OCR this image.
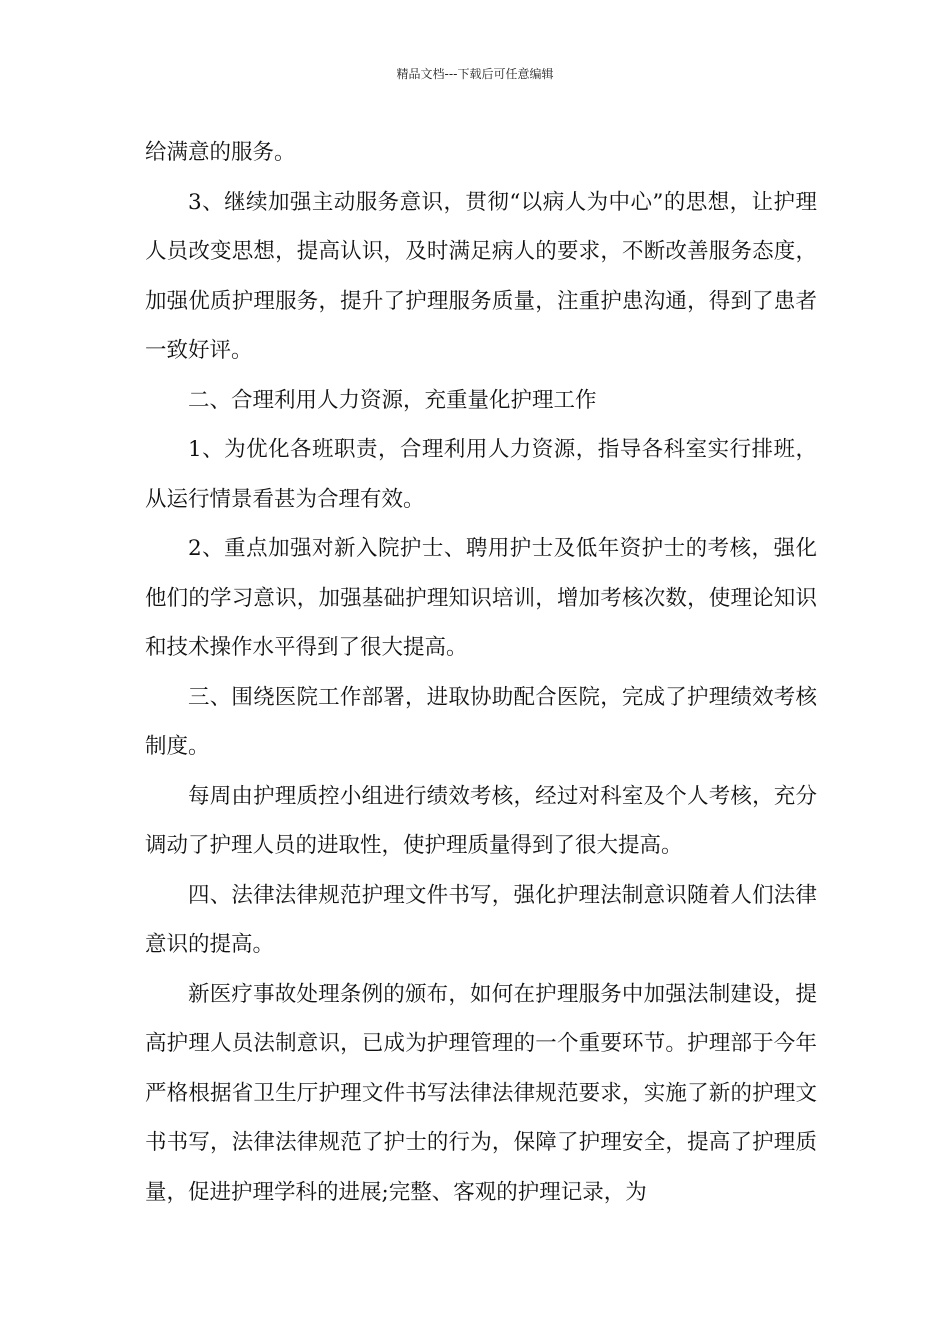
精品文档---下载后可任意编辑

给满意的服务。

3、继续加强主动服务意识，贯彻“以病人为中心”的思想，让护理人员改变思想，提高认识，及时满足病人的要求，不断改善服务态度，加强优质护理服务，提升了护理服务质量，注重护患沟通，得到了患者一致好评。

二、合理利用人力资源，充重量化护理工作

1、为优化各班职责，合理利用人力资源，指导各科室实行排班，从运行情景看甚为合理有效。

2、重点加强对新入院护士、聘用护士及低年资护士的考核，强化他们的学习意识，加强基础护理知识培训，增加考核次数，使理论知识和技术操作水平得到了很大提高。

三、围绕医院工作部署，进取协助配合医院，完成了护理绩效考核制度。

每周由护理质控小组进行绩效考核，经过对科室及个人考核，充分调动了护理人员的进取性，使护理质量得到了很大提高。

四、法律法律规范护理文件书写，强化护理法制意识随着人们法律意识的提高。

新医疗事故处理条例的颁布，如何在护理服务中加强法制建设，提高护理人员法制意识，已成为护理管理的一个重要环节。护理部于今年严格根据省卫生厅护理文件书写法律法律规范要求，实施了新的护理文书书写，法律法律规范了护士的行为，保障了护理安全，提高了护理质量，促进护理学科的进展;完整、客观的护理记录，为
